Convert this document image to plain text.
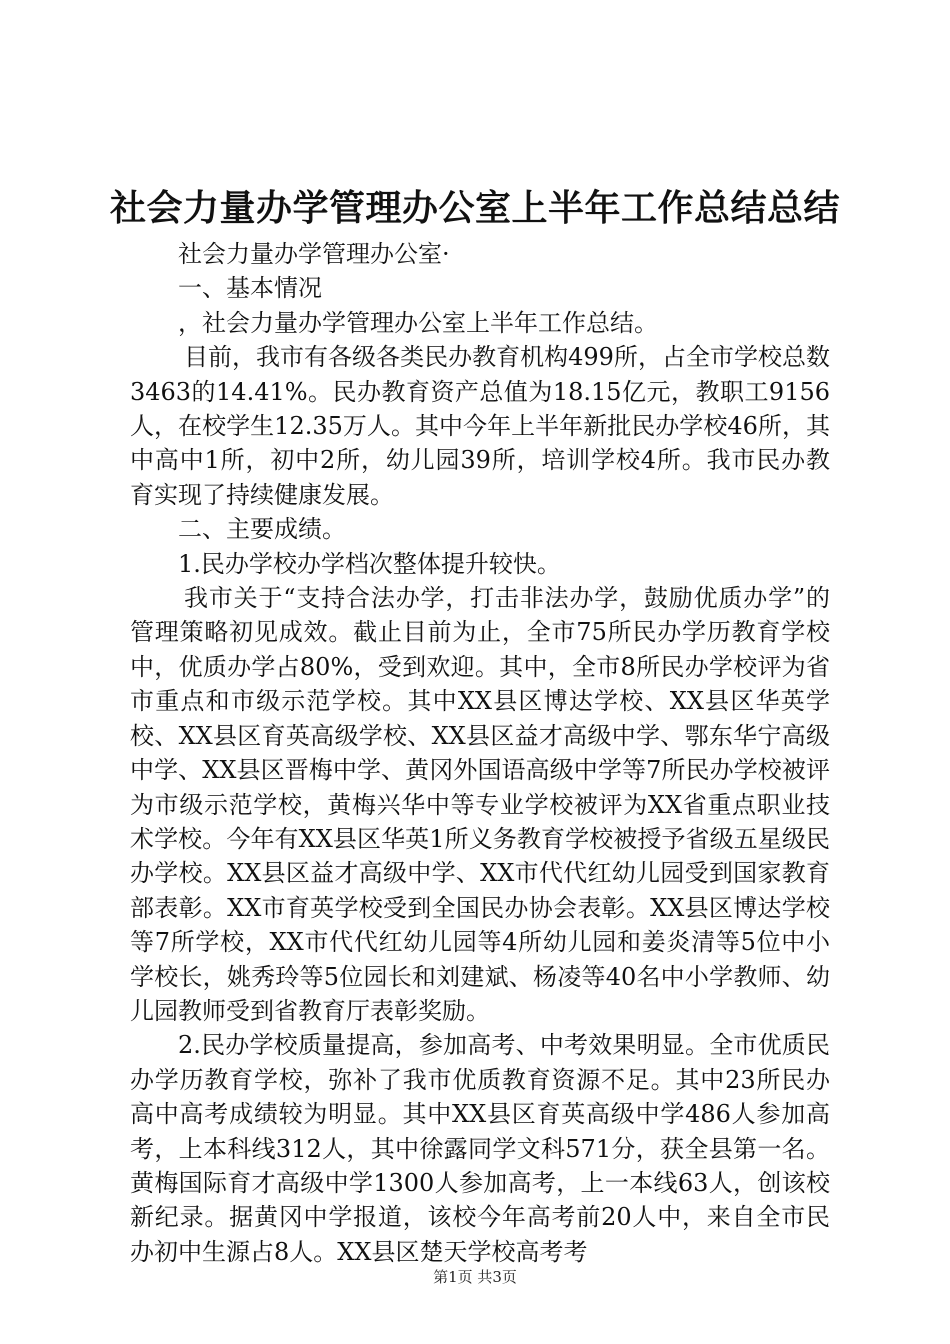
社会力量办学管理办公室上半年工作总结总结

社会力量办学管理办公室·

一、基本情况

，社会力量办学管理办公室上半年工作总结。

目前，我市有各级各类民办教育机构499所，占全市学校总数3463的14.41%。民办教育资产总值为18.15亿元，教职工9156人，在校学生12.35万人。其中今年上半年新批民办学校46所，其中高中1所，初中2所，幼儿园39所，培训学校4所。我市民办教育实现了持续健康发展。

二、主要成绩。

1.民办学校办学档次整体提升较快。

我市关于“支持合法办学，打击非法办学，鼓励优质办学”的管理策略初见成效。截止目前为止，全市75所民办学历教育学校中，优质办学占80%，受到欢迎。其中，全市8所民办学校评为省市重点和市级示范学校。其中XX县区博达学校、XX县区华英学校、XX县区育英高级学校、XX县区益才高级中学、鄂东华宁高级中学、XX县区晋梅中学、黄冈外国语高级中学等7所民办学校被评为市级示范学校，黄梅兴华中等专业学校被评为XX省重点职业技术学校。今年有XX县区华英1所义务教育学校被授予省级五星级民办学校。XX县区益才高级中学、XX市代代红幼儿园受到国家教育部表彰。XX市育英学校受到全国民办协会表彰。XX县区博达学校等7所学校，XX市代代红幼儿园等4所幼儿园和姜炎清等5位中小学校长，姚秀玲等5位园长和刘建斌、杨凌等40名中小学教师、幼儿园教师受到省教育厅表彰奖励。

2.民办学校质量提高，参加高考、中考效果明显。全市优质民办学历教育学校，弥补了我市优质教育资源不足。其中23所民办高中高考成绩较为明显。其中XX县区育英高级中学486人参加高考，上本科线312人，其中徐露同学文科571分，获全县第一名。黄梅国际育才高级中学1300人参加高考，上一本线63人，创该校新纪录。据黄冈中学报道，该校今年高考前20人中，来自全市民办初中生源占8人。XX县区楚天学校高考考

第1页 共3页
